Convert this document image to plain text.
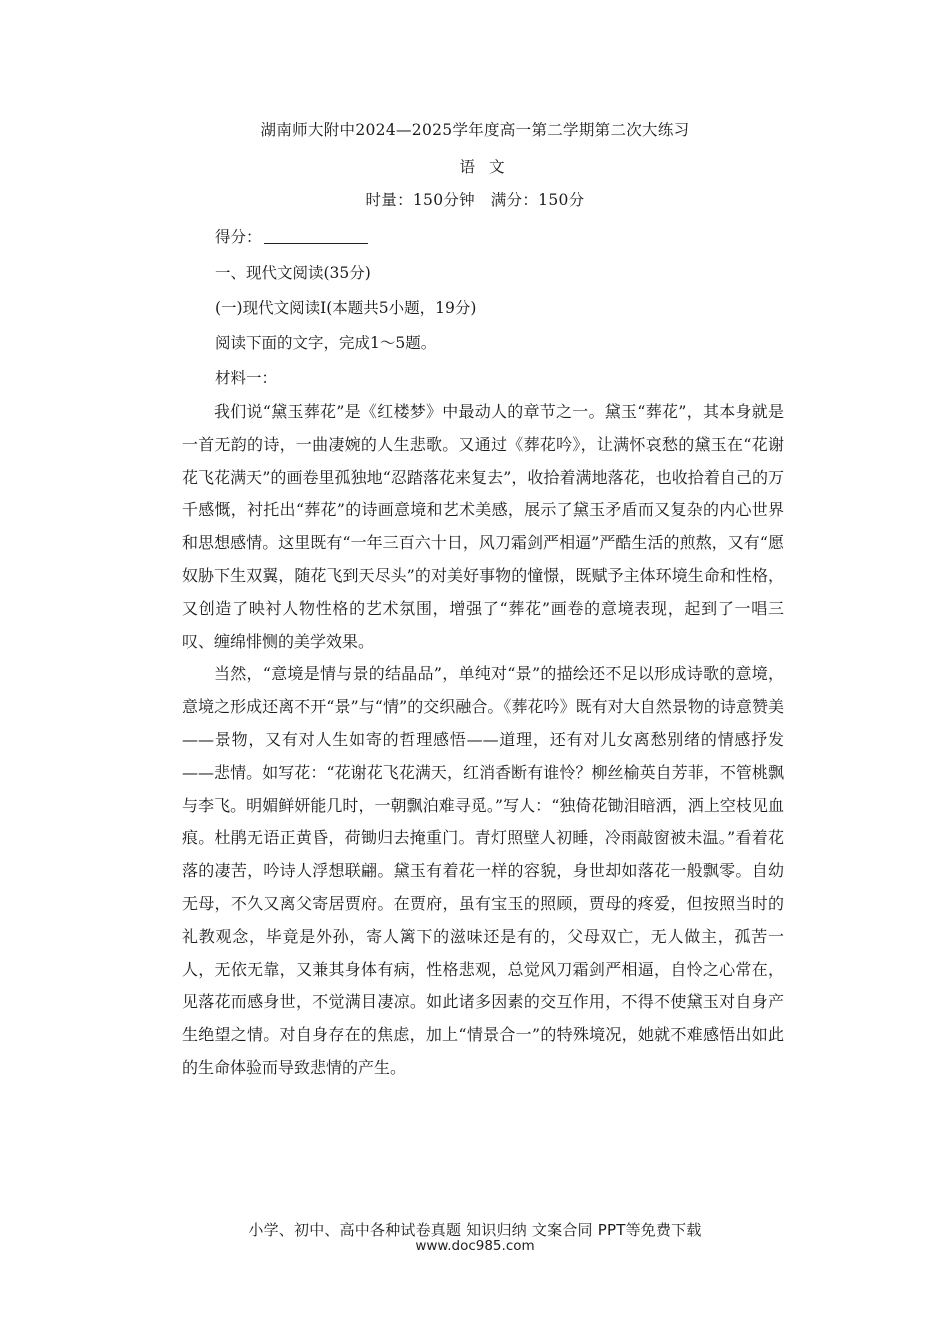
湖南师大附中2024—2025学年度高一第二学期第二次大练习
语文
时量：150分钟　满分：150分
得分：
一、现代文阅读(35分)
(一)现代文阅读Ⅰ(本题共5小题，19分)
阅读下面的文字，完成1～5题。
材料一：

我们说“黛玉葬花”是《红楼梦》中最动人的章节之一。黛玉“葬花”，其本身就是一首无韵的诗，一曲凄婉的人生悲歌。又通过《葬花吟》，让满怀哀愁的黛玉在“花谢花飞花满天”的画卷里孤独地“忍踏落花来复去”，收拾着满地落花，也收拾着自己的万千感慨，衬托出“葬花”的诗画意境和艺术美感，展示了黛玉矛盾而又复杂的内心世界和思想感情。这里既有“一年三百六十日，风刀霜剑严相逼”严酷生活的煎熬，又有“愿奴胁下生双翼，随花飞到天尽头”的对美好事物的憧憬，既赋予主体环境生命和性格，又创造了映衬人物性格的艺术氛围，增强了“葬花”画卷的意境表现，起到了一唱三叹、缠绵悱恻的美学效果。

当然，“意境是情与景的结晶品”，单纯对“景”的描绘还不足以形成诗歌的意境，意境之形成还离不开“景”与“情”的交织融合。《葬花吟》既有对大自然景物的诗意赞美——景物，又有对人生如寄的哲理感悟——道理，还有对儿女离愁别绪的情感抒发——悲情。如写花：“花谢花飞花满天，红消香断有谁怜？柳丝榆英自芳菲，不管桃飘与李飞。明媚鲜妍能几时，一朝飘泊难寻觅。”写人：“独倚花锄泪暗洒，洒上空枝见血痕。杜鹃无语正黄昏，荷锄归去掩重门。青灯照壁人初睡，冷雨敲窗被未温。”看着花落的凄苦，吟诗人浮想联翩。黛玉有着花一样的容貌，身世却如落花一般飘零。自幼无母，不久又离父寄居贾府。在贾府，虽有宝玉的照顾，贾母的疼爱，但按照当时的礼教观念，毕竟是外孙，寄人篱下的滋味还是有的，父母双亡，无人做主，孤苦一人，无依无靠，又兼其身体有病，性格悲观，总觉风刀霜剑严相逼，自怜之心常在，见落花而感身世，不觉满目凄凉。如此诸多因素的交互作用，不得不使黛玉对自身产生绝望之情。对自身存在的焦虑，加上“情景合一”的特殊境况，她就不难感悟出如此的生命体验而导致悲情的产生。

小学、初中、高中各种试卷真题 知识归纳 文案合同 PPT等免费下载
www.doc985.com
